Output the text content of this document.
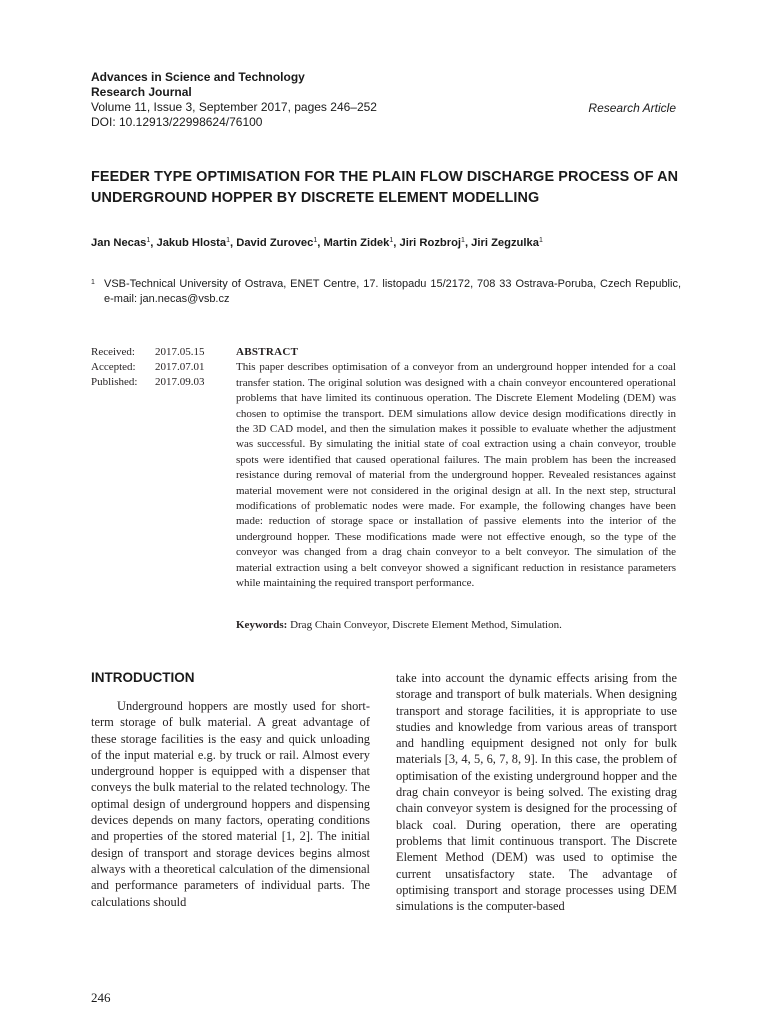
Advances in Science and Technology
Research Journal
Volume 11, Issue 3, September 2017, pages 246–252
DOI: 10.12913/22998624/76100
Research Article
FEEDER TYPE OPTIMISATION FOR THE PLAIN FLOW DISCHARGE PROCESS OF AN UNDERGROUND HOPPER BY DISCRETE ELEMENT MODELLING
Jan Necas$^1$, Jakub Hlosta$^1$, David Zurovec$^1$, Martin Zidek$^1$, Jiri Rozbroj$^1$, Jiri Zegzulka$^1$
1 VSB-Technical University of Ostrava, ENET Centre, 17. listopadu 15/2172, 708 33 Ostrava-Poruba, Czech Republic, e-mail: jan.necas@vsb.cz
Received:	2017.05.15
Accepted:	2017.07.01
Published:	2017.09.03
ABSTRACT
This paper describes optimisation of a conveyor from an underground hopper intended for a coal transfer station. The original solution was designed with a chain conveyor encountered operational problems that have limited its continuous operation. The Discrete Element Modeling (DEM) was chosen to optimise the transport. DEM simulations allow device design modifications directly in the 3D CAD model, and then the simulation makes it possible to evaluate whether the adjustment was successful. By simulating the initial state of coal extraction using a chain conveyor, trouble spots were identified that caused operational failures. The main problem has been the increased resistance during removal of material from the underground hopper. Revealed resistances against material movement were not considered in the original design at all. In the next step, structural modifications of problematic nodes were made. For example, the following changes have been made: reduction of storage space or installation of passive elements into the interior of the underground hopper. These modifications made were not effective enough, so the type of the conveyor was changed from a drag chain conveyor to a belt conveyor. The simulation of the material extraction using a belt conveyor showed a significant reduction in resistance parameters while maintaining the required transport performance.
Keywords: Drag Chain Conveyor, Discrete Element Method, Simulation.
INTRODUCTION

Underground hoppers are mostly used for short-term storage of bulk material. A great advantage of these storage facilities is the easy and quick unloading of the input material e.g. by truck or rail. Almost every underground hopper is equipped with a dispenser that conveys the bulk material to the related technology. The optimal design of underground hoppers and dispensing devices depends on many factors, operating conditions and properties of the stored material [1, 2]. The initial design of transport and storage devices begins almost always with a theoretical calculation of the dimensional and performance parameters of individual parts. The calculations should

take into account the dynamic effects arising from the storage and transport of bulk materials. When designing transport and storage facilities, it is appropriate to use studies and knowledge from various areas of transport and handling equipment designed not only for bulk materials [3, 4, 5, 6, 7, 8, 9]. In this case, the problem of optimisation of the existing underground hopper and the drag chain conveyor is being solved. The existing drag chain conveyor system is designed for the processing of black coal. During operation, there are operating problems that limit continuous transport. The Discrete Element Method (DEM) was used to optimise the current unsatisfactory state. The advantage of optimising transport and storage processes using DEM simulations is the computer-based

246
